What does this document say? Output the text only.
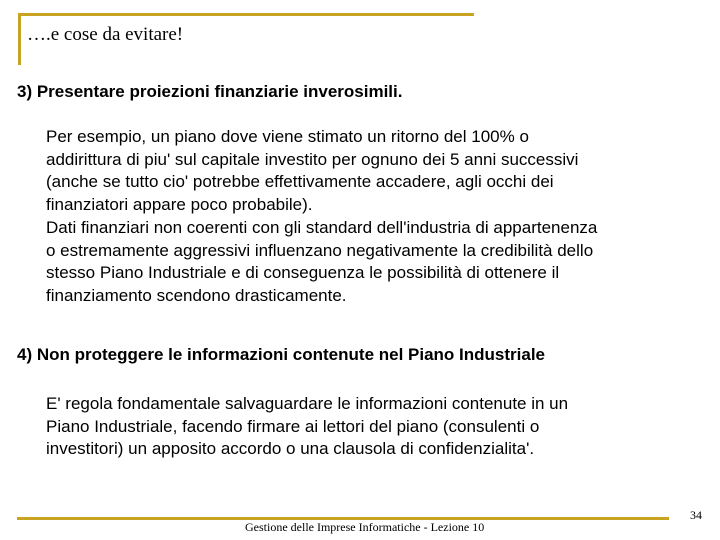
….e cose da evitare!
3) Presentare proiezioni finanziarie inverosimili.

Per esempio, un piano dove viene stimato un ritorno del 100% o
addirittura di piu' sul capitale investito per ognuno dei 5 anni successivi
(anche se tutto cio' potrebbe effettivamente accadere, agli occhi dei
finanziatori appare poco probabile).
Dati finanziari non coerenti con gli standard dell'industria di appartenenza
o estremamente aggressivi influenzano negativamente la credibilità dello
stesso Piano Industriale e di conseguenza le possibilità di ottenere il
finanziamento scendono drasticamente.

4) Non proteggere le informazioni contenute nel Piano Industriale

E' regola fondamentale salvaguardare le informazioni contenute in un
Piano Industriale, facendo firmare ai lettori del piano (consulenti o
investitori) un apposito accordo o una clausola di confidenzialita'.

Gestione delle Imprese Informatiche - Lezione 10
34
